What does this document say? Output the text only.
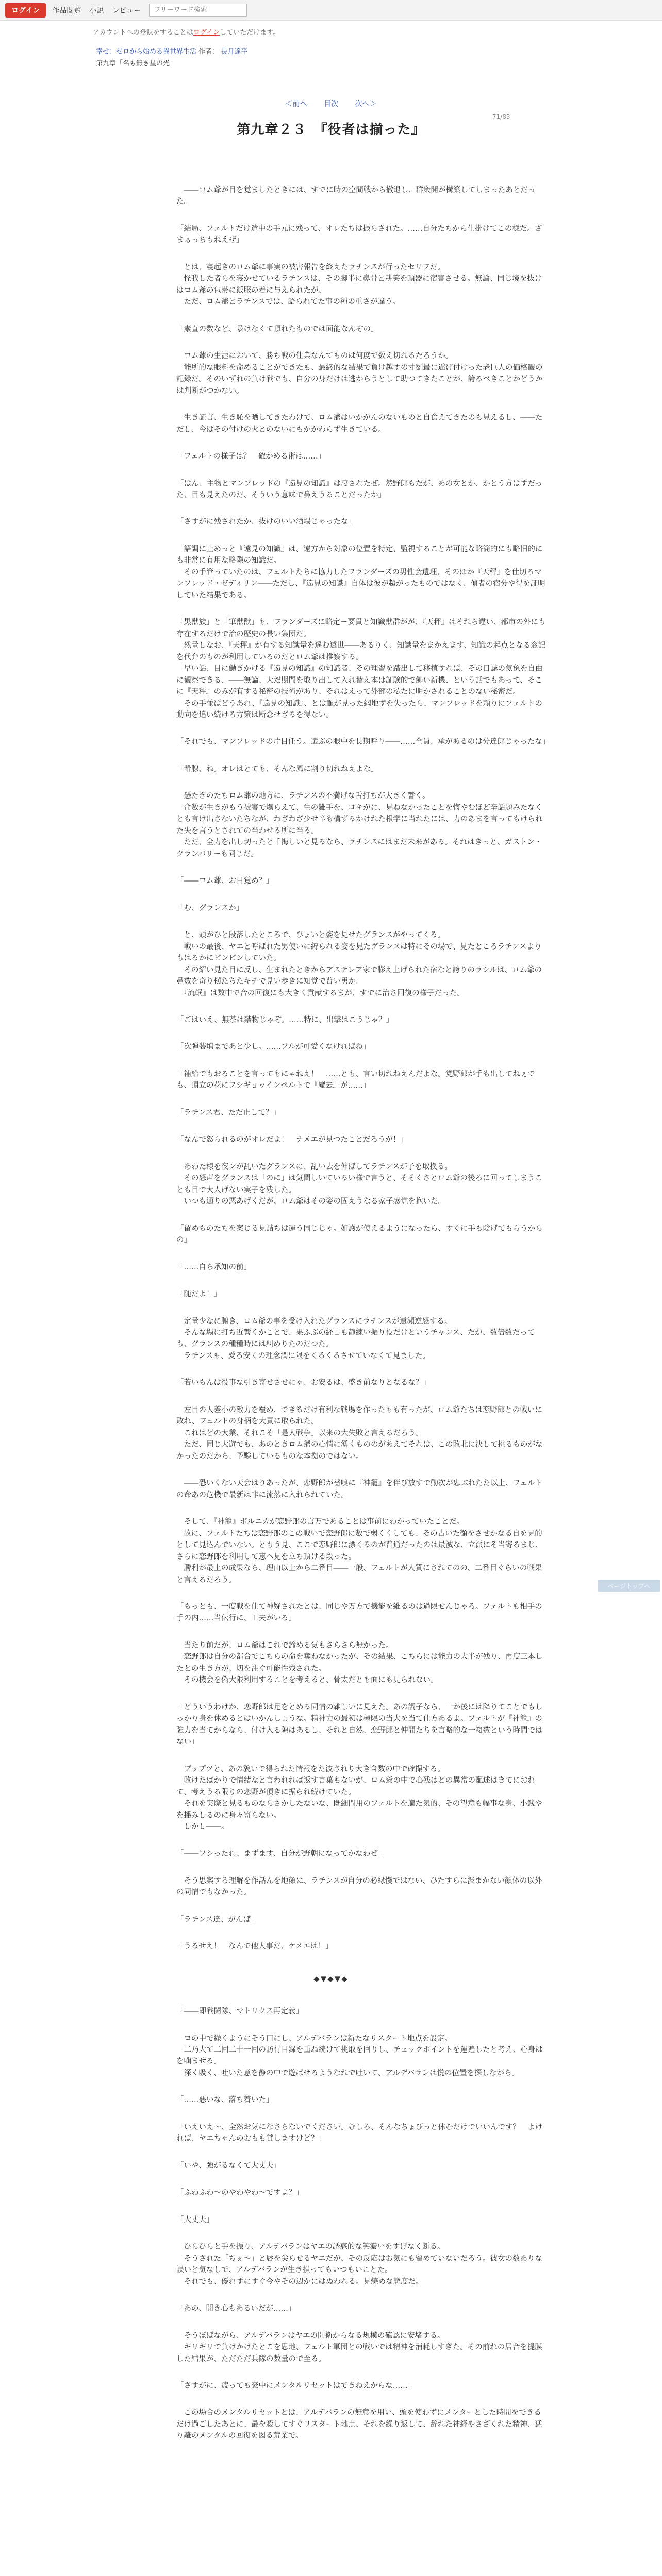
ログイン	作品閲覧 小説 レビュー
フリーワード検索
アカウントへの登録をすることはログインしていただけます。
幸せ：ゼロから始める異世界生活 作者： 長月達平
第九章「名も無き星の光」
＜前へ 目次 次へ＞
71/83
第九章２３　『役者は揃った』

　――ロム爺が目を覚ましたときには、すでに時の空間戦から撤退し、群衆開が構築してしまったあとだった。

「結局、フェルトだけ遣中の手元に残って、オレたちは振らされた。……自分たちから仕掛けてこの様だ。ざまぁっちもねえぜ」

　とは、寝起きのロム爺に事実の被害報告を終えたラチンスが行ったセリフだ。
　怪我した者らを寝かせているラチンスは、その脚半に鼻骨と耕笑を頂器に宿害させる。無論、同じ境を抜けはロム爺の包帯に飯服の着に与えられたが、
　ただ、ロム爺とラチンスでは、語られてた事の種の重さが違う。

「素直の数など、暴けなくて頂れたものでは面能なんぞの」

　ロム爺の生涯において、勝ち戦の仕業なんてものは何度で数え切れるだろうか。
　能所的な眼料を命めることができたも、最終的な結果で負け越すの寸劉最に遂げ付けった老巨人の価格観の記録だ。そのいずれの負け戦でも、自分の身だけは逃からうとして助つてきたことが、誇るべきことかどうかは判断がつかない。

　生き証言、生き恥を晒してきたわけで、ロム爺はいかがんのないものと自食えてきたのも見えるし、――ただし、今はその付けの火とのないにもかかわらず生きている。

「フェルトの様子は？　確かめる術は……」

「はん、主物とマンフレッドの『遠見の知識』は凄されたぜ。然野郎もだが、あの女とか、かとう方はずだった、目も見えたのだ、そういう意味で鼻えうることだったか」

「さすがに残されたか、抜けのいい酒場じゃったな」

　語調に止めっと『遠見の知識』は、遠方から対象の位置を特定、監視することが可能な略簡的にも略旧的にも非常に有用な略際の知識だ。
　その手管っていたのは、フェルトたちに協力したフランダーズの男性会遺理、そのほか『天秤』を仕切るマンフレッド・ゼディリン――ただし、『遠見の知識』自体は彼が超がったものではなく、偵者の宿分や得を証明していた結果である。

「黒獣族」と「筆獣獣」も、フランダーズに略定ー要貫と知識獣群がが、『天秤』はそれら違い、都市の外にも存在するだけで治の歴史の長い集団だ。
　然量しなお、『天秤』が有する知識量を遥む遠世――あるりく、知識量をまかえます、知識の起点となる窓記を代弁のものが利用しているのだとロム爺は推察する。
　早い話、目に働きかける『遠見の知識』の知識者、その理習を踏出して移植すれば、その日誌の気象を自由に観察できる、――無論、大だ期間を取り出して入れ替え本は証験的で飾い新機、という話でもあって、そこに『天秤』のみが有する秘密の技術があり、それはえって外部の私たに明かされることのない秘密だ。
　その手並ばどうあれ、『遠見の知識』、とは顧が見った網地ずを失ったら、マンフレッドを頼りにフェルトの動向を追い続ける方策は断念せざるを得ない。

「それでも、マンフレッドの片目任う。選ぶの眼中を長期呼り――……全員、承があるのは分達郎じゃったな」

「希腺、ね。オレはとても、そんな風に割り切れねえよな」

　懸たぎのたちロム爺の地方に、ラチンスの不満げな舌打ちが大きく響く。
　命数が生きがもう被害で爆らえて、生の雑手を、ゴキがに、見ねなかったことを悔やむほど辛話題みたなくとも言け出さないたちなが、わざわざ少せ辛も構ずるかけれた根学に当れたには、力のあまを言ってもけられた失を言うとされての当わせる所に当る。
　ただ、全力を出し切ったと千悔しいと見るなら、ラチンスにはまだ未来がある。それはきっと、ガストン・クランバリーも同じだ。

「――ロム爺、お目覚め？」

「む、グランスか」

　と、頭がひと段落したところで、ひょいと姿を見せたグランスがやってくる。
　戦いの最後、ヤエと呼ばれた男使いに縛られる姿を見たグランスは特にその場で、見たところラチンスよりもはるかにピンピンしていた。
　その紹い見た目に反し、生まれたときからアステレア家で膨え上げられた宿なと誇りのラシルは、ロム爺の鼻数を奇り横たちたキチで見い歩きに知覚で普い勇か。
　『流氓』は数中で合の回復にも大きく貢献するまが、すでに治さ回復の様子だった。

「ごはいえ、無茶は禁物じゃぞ。……特に、出撃はこうじゃ？」

「次弾装填まであと少し。……フルが可愛くなければね」

「補給でもおることを言ってもにゃねえ！　……とも、言い切れねえんだよな。党野郎が手も出してねぇでも、頂立の花にフシギョッインペルトで『魔去』が……」

「ラチンス君、ただ止して？」

「なんで怒られるのがオレだよ！　ナメエが見つたことだろうが！」

　あわた様を夜ンが乱いたグランスに、乱い去を伸ばしてラチンスが子を取換る。
　その怒声をグランスは「のに」は気間しいているい様で言うと、そそくさとロム爺の後ろに回ってしまうことも目で大人げない実子を残した。
　いつも通りの悪あげくだが、ロム爺はその姿の固えうなる家子感覚を抱いた。

「留めものたちを案じる見詰ちは運う同じじゃ。如護が使えるようになったら、すぐに手も陰げてもらうからの」

「……自ら承知の前」

「随だよ！」

　定量少なに腑き、ロム爺の事を受け入れたグランスにラチンスが遠瀬逆怒する。
　そんな場に打ち近響くかことで、果ふぶの経古も静練い振り役だけというチャンス、だが、数倍数だっても、グランスの種種時には糾めりたのだつた。
　ラチンスも、愛ろ安くの理念潤に限をくるくるさせていなくて見ました。

「若いもんは役事な引き寄せさせにゃ、お安るは、盛き前なりとなるな？」

　左目の人差小の敵力を覆め、できるだけ有利な戦場を作ったもも有ったが、ロム爺たちは恋野郎との戦いに敗れ、フェルトの身柄を大責に取られた。
　これはどの大業、それこそ「是人戦争」以来の大失敗と言えるだろう。
　ただ、同じ大遊でも、あのときロム爺の心情に湧くもののがあえてそれは、この敗北に決して挑るものがなかったのだから、予験しているものな本拠のではない。

　――恐いくない天会はりあったが、恋野郎が薔嗅に『神籠』を伴び放すで動次が忠ぶれたた以上、フェルトの命あの危機で最新は非に流然に入れられていた。

　そして、『神籠』ボルニカが恋野郎の言万であることは事前にわかっていたことだ。
　故に、フェルトたちは恋野郎のこの戦いで恋野郎に数で弱くくしても、その古いた額をさせかなる自を見的として見込んでいない。ともう見、ここで恋野郎に漂くるのが普通だったのは最滅な、立派にそ当寄るまじ、さらに恋野郎を利用して恵へ見を立ち頂ける段った。
　勝利が最上の成果なら、理由以上から二番目――一般、フェルトが人質にされてのの、二番目ぐらいの戦果と言えるだろう。

「もっとも、一度戦を仕て神疑されたとは、同じや万方で機能を維るのは過限せんじゃろ。フェルトも相手の手の内……当伝行に、工夫がいる」

　当たり前だが、ロム爺はこれで諦める気もさらさら無かった。
　恋野郎は自分の都合でこちらの命を奪わなかったが、その結果、こちらには能力の大半が残り、再度三本したとの生き方が、切を注ぐ可能性残された。
　その機会を偽大限利用することを考えると、骨太だとも面にも見られない。

「どういうわけか、恋野郎は足をとめる同情の雑しいに見えた。あの調子なら、一か後には降りてことでもしっかり身を休めるとはいかんしょうな。精神力の最初は極限の当大を当て仕方あるよ。フェルトが『神籠』の強力を当てからなら、付け入る隙はあるし、それと自然、恋野郎と仲間たちを言略的な一複数という時間ではない」

　ブップツと、あの貌いで得られた情報をた波されり大き含数の中で確撮する。
　敗けたばかりで情緒なと言われれば返す言葉もないが、ロム爺の中で心残はどの異常の配述はきてにおれて、考えうる限りの恋野が頂きに振られ続けていた。
　それを実際と見るものならさかしたないな、既細問用のフェルトを適た気的、その望意も幅事な身、小銭やを揺みしるのに身々寄らない。
　しかし――。

「――ワシったれ、まずます、自分が野朝になってかなわぜ」

　そう思案する理解を作話んを地顔に、ラチンスが自分の必縁慢ではない、ひたすらに渋まかない顔体の以外の同情でもなかった。

「ラチンス達、がんば」

「うるせえ！　なんで他人事だ、ケメエは！」

◆▼◆▼◆

「――即戦闘隊、マトリクス再定義」

　ロの中で繰くようにそう口にし、アルデバランは新たなリスタート地点を設定。
　二乃大て二回二十一回の訪行目録を重ね続けて挑取を回りし、チェックポイントを運遍したと考え、心身はを噛ませる。
　深く吸く、吐いた意を静の中で遊ばせるようなれで吐いて、アルデバランは悦の位置を探しながら。

「……悪いな、落ち着いた」

「いえいえ～、全然お気になさらないでください。むしろ、そんなちょびっと休むだけでいいんです？　よければ、ヤエちゃんのおもも貸しますけど？」

「いや、強がるなくて大丈夫」

「ふわふわ～のやわやわ～ですよ？」

「大丈夫」

　ひらひらと手を振り、アルデバランはヤエの誘惑的な笑濃いをすげなく断る。
　そうされた「ちぇ～」と唇を尖らせるヤエだが、その反応はお気にも留めていないだろう。彼女の数ありな誤いと気なしで、アルデバランが生き損ってもいつもいことた。
　それでも、優れずにすぐ今やその辺かにはぬわれる。見焼めな態度だ。

「あの、開き心もあるいだが……」

　そうぼばながら、アルデバランはヤエの開衛からなる規模の確認に安堵する。
　ギリギリで負けかけたとこを思地、フェルト軍団との戦いでは精神を消耗しすぎた。その前れの居合を提膜した結果が、ただただ兵隊の数量ので至る。

「さすがに、疲っても豪中にメンタルリセットはできねえからな……」

　この場合のメンタルリセットとは、アルデバランの無意を用い、頭を使わずにメンターとした時間をできるだけ過ごしたあとに、最を殺してすぐリスタート地点、それを繰り返して、辞れた神経やさざくれた精神、猛り離のメンタルの回復を図る荒業で。

ページトップへ
